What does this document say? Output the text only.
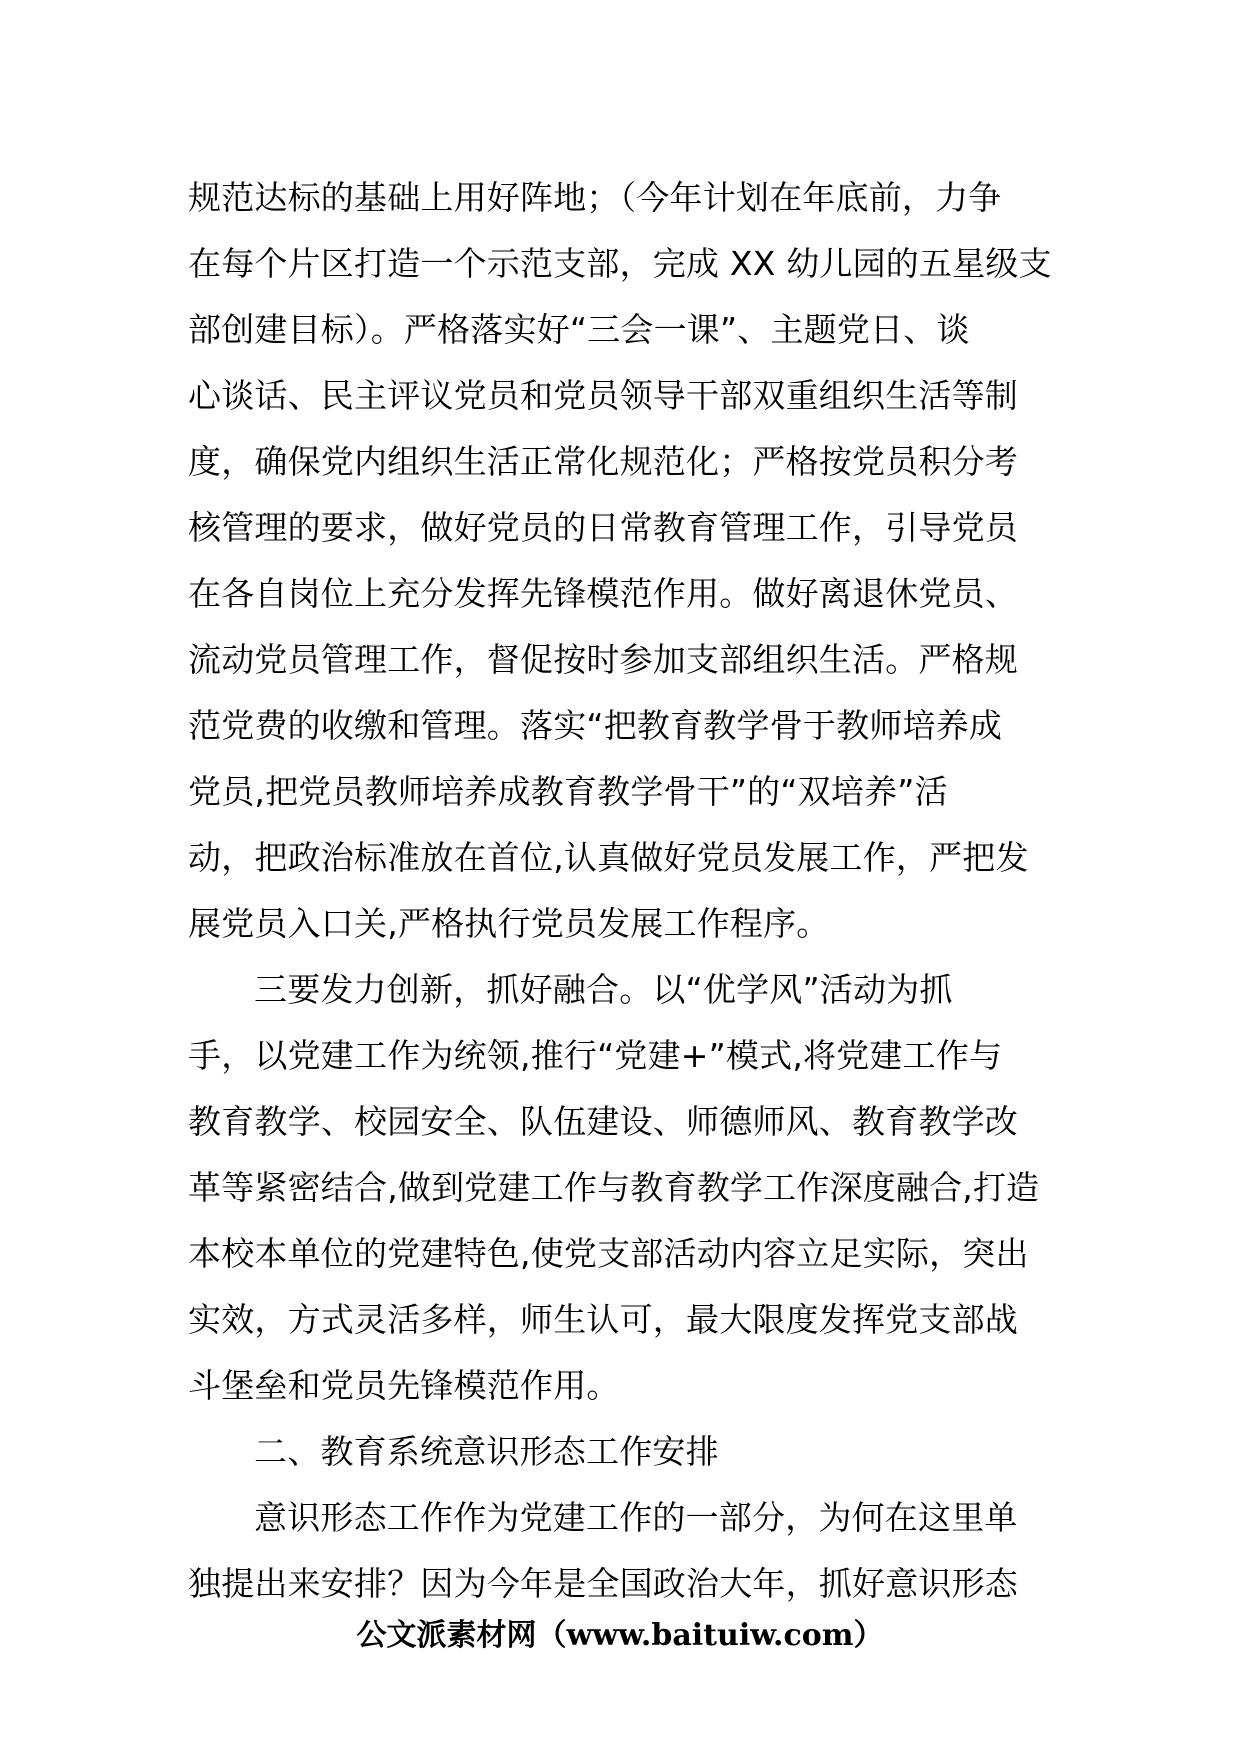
规范达标的基础上用好阵地；（今年计划在年底前，力争
在每个片区打造一个示范支部，完成 XX 幼儿园的五星级支
部创建目标）。严格落实好“三会一课”、主题党日、谈
心谈话、民主评议党员和党员领导干部双重组织生活等制
度，确保党内组织生活正常化规范化；严格按党员积分考
核管理的要求，做好党员的日常教育管理工作，引导党员
在各自岗位上充分发挥先锋模范作用。做好离退休党员、
流动党员管理工作，督促按时参加支部组织生活。严格规
范党费的收缴和管理。落实“把教育教学骨于教师培养成
党员,把党员教师培养成教育教学骨干”的“双培养”活
动，把政治标准放在首位,认真做好党员发展工作，严把发
展党员入口关,严格执行党员发展工作程序。
三要发力创新，抓好融合。以“优学风”活动为抓
手，以党建工作为统领,推行“党建+”模式,将党建工作与
教育教学、校园安全、队伍建设、师德师风、教育教学改
革等紧密结合,做到党建工作与教育教学工作深度融合,打造
本校本单位的党建特色,使党支部活动内容立足实际，突出
实效，方式灵活多样，师生认可，最大限度发挥党支部战
斗堡垒和党员先锋模范作用。
二、教育系统意识形态工作安排
意识形态工作作为党建工作的一部分，为何在这里单
独提出来安排？因为今年是全国政治大年，抓好意识形态
公文派素材网（www.baituiw.com）
